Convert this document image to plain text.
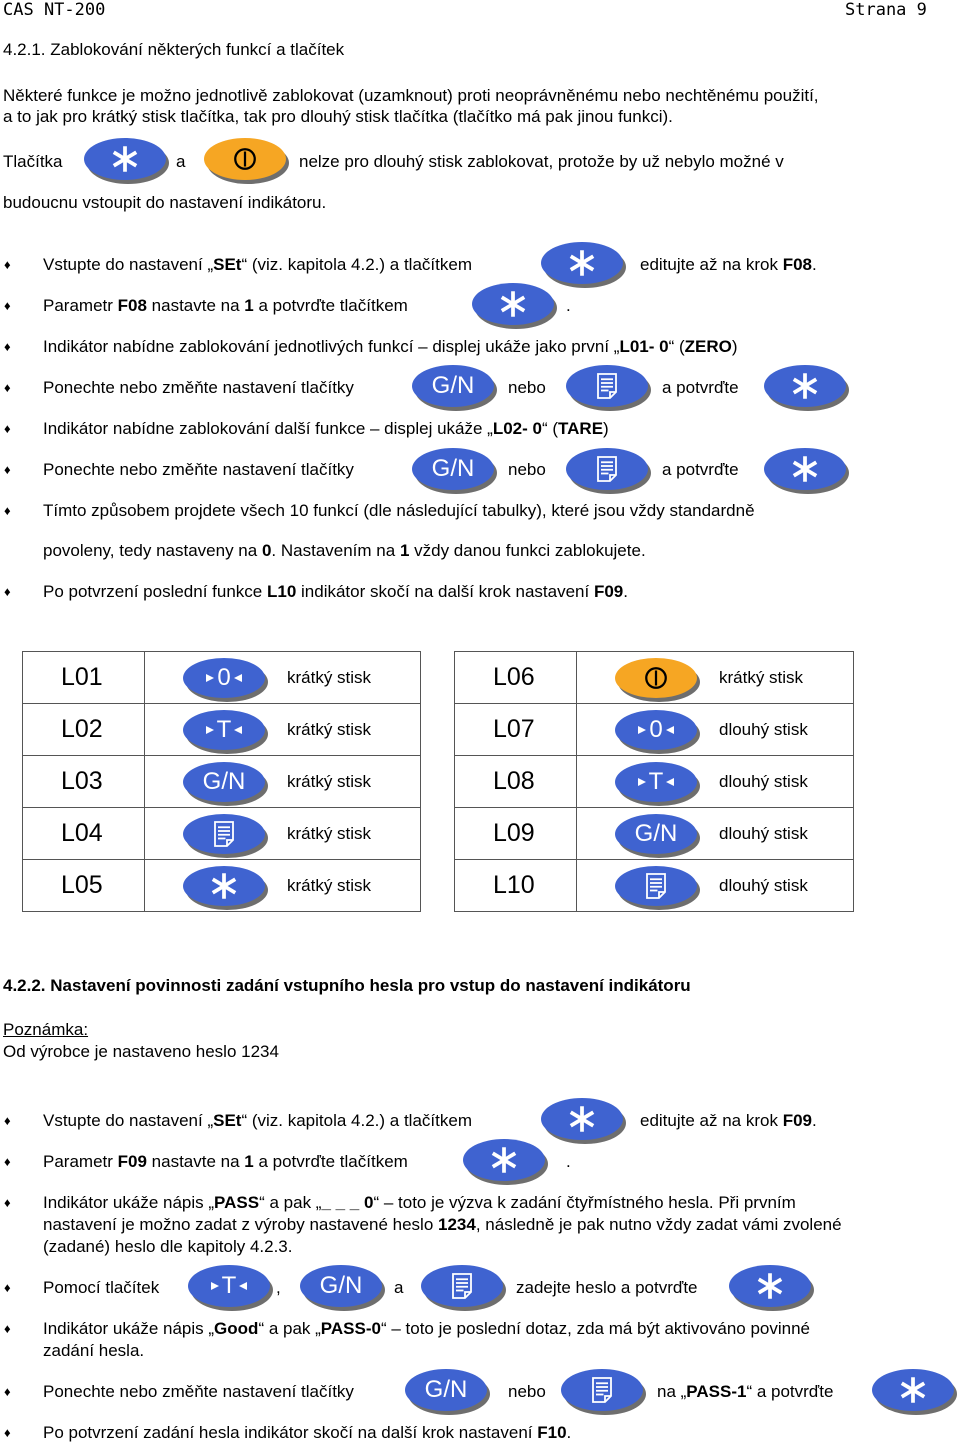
CAS NT-200	Strana 9
4.2.1. Zablokování některých funkcí a tlačítek
Některé funkce je možno jednotlivě zablokovat (uzamknout) proti neoprávněnému nebo nechtěnému použití,
a to jak pro krátký stisk tlačítka, tak pro dlouhý stisk tlačítka (tlačítko má pak jinou funkci).
Tlačítka	a	nelze pro dlouhý stisk zablokovat, protože by už nebylo možné v
budoucnu vstoupit do nastavení indikátoru.
♦ Vstupte do nastavení „SEt“ (viz. kapitola 4.2.) a tlačítkem	editujte až na krok F08.
♦ Parametr F08 nastavte na 1 a potvrďte tlačítkem	.
♦ Indikátor nabídne zablokování jednotlivých funkcí – displej ukáže jako první „L01- 0“ (ZERO)
♦ Ponechte nebo změňte nastavení tlačítky	G/N nebo	a potvrďte
♦ Indikátor nabídne zablokování další funkce – displej ukáže „L02- 0“ (TARE)
♦ Ponechte nebo změňte nastavení tlačítky	G/N nebo	a potvrďte
♦ Tímto způsobem projdete všech 10 funkcí (dle následující tabulky), které jsou vždy standardně
povoleny, tedy nastaveny na 0. Nastavením na 1 vždy danou funkci zablokujete.
♦ Po potvrzení poslední funkce L10 indikátor skočí na další krok nastavení F09.
L01	0	krátký stisk
L02	T	krátký stisk
L03	G/N krátký stisk
L04	krátký stisk
L05	krátký stisk
L06	krátký stisk
L07	0	dlouhý stisk
L08	T	dlouhý stisk
L09	G/N dlouhý stisk
L10	dlouhý stisk
4.2.2. Nastavení povinnosti zadání vstupního hesla pro vstup do nastavení indikátoru
Poznámka:
Od výrobce je nastaveno heslo 1234
♦ Vstupte do nastavení „SEt“ (viz. kapitola 4.2.) a tlačítkem	editujte až na krok F09.
♦ Parametr F09 nastavte na 1 a potvrďte tlačítkem	.
♦ Indikátor ukáže nápis „PASS“ a pak „_ _ _ 0“ – toto je výzva k zadání čtyřmístného hesla. Při prvním
nastavení je možno zadat z výroby nastavené heslo 1234, následně je pak nutno vždy zadat vámi zvolené
(zadané) heslo dle kapitoly 4.2.3.
♦ Pomocí tlačítek	T , G/N a	zadejte heslo a potvrďte
♦ Indikátor ukáže nápis „Good“ a pak „PASS-0“ – toto je poslední dotaz, zda má být aktivováno povinné
zadání hesla.
♦ Ponechte nebo změňte nastavení tlačítky	G/N nebo	na „PASS-1“ a potvrďte
♦ Po potvrzení zadání hesla indikátor skočí na další krok nastavení F10.
